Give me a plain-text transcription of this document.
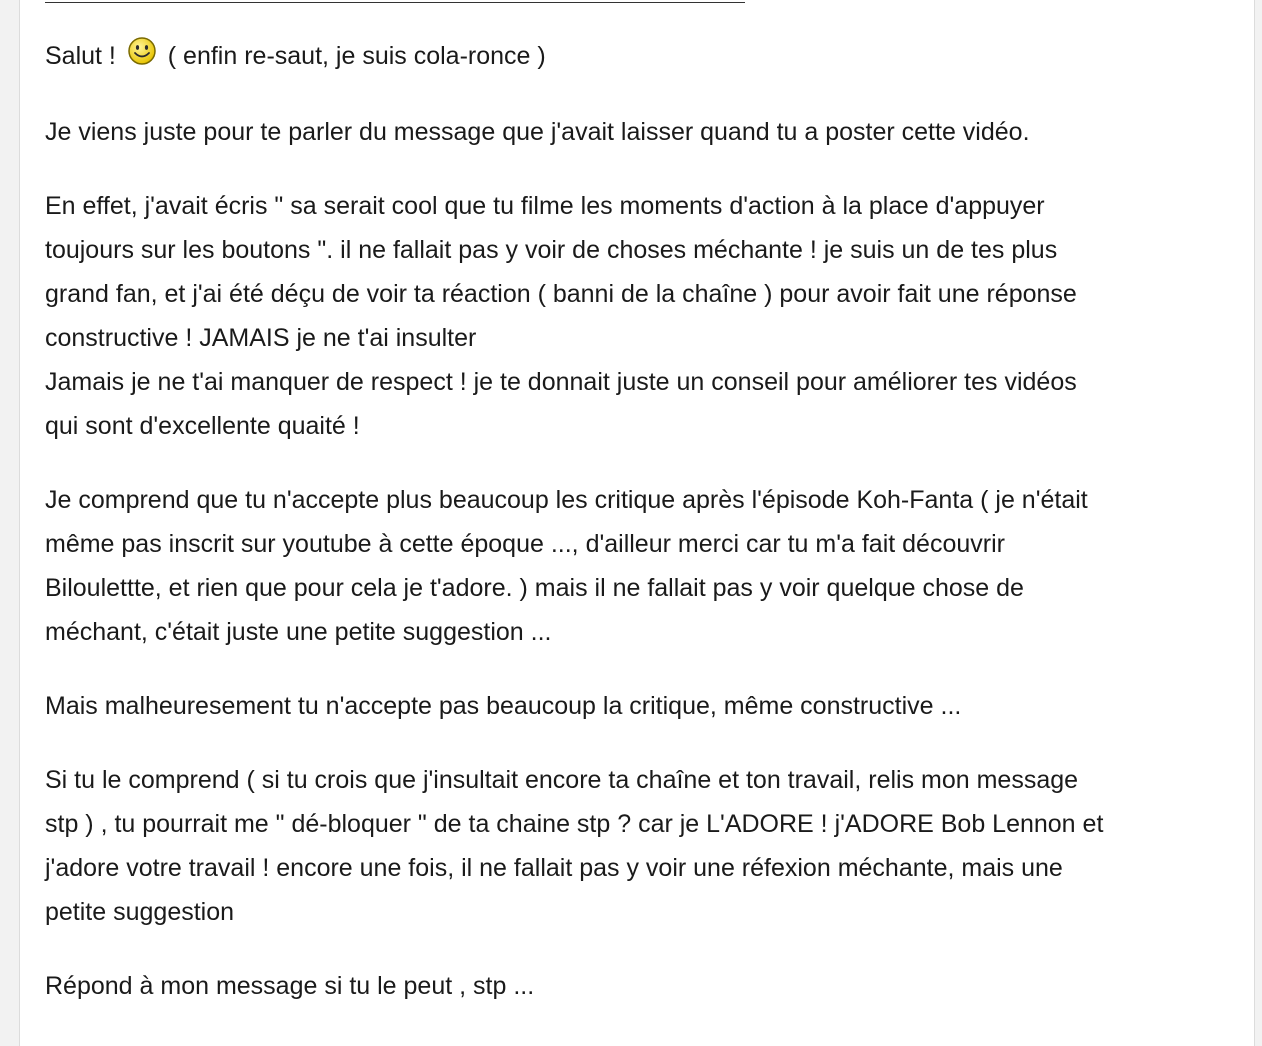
Salut ! ( enfin re-saut, je suis cola-ronce )

Je viens juste pour te parler du message que j'avait laisser quand tu a poster cette vidéo.

En effet, j'avait écris " sa serait cool que tu filme les moments d'action à la place d'appuyer
toujours sur les boutons ". il ne fallait pas y voir de choses méchante ! je suis un de tes plus
grand fan, et j'ai été déçu de voir ta réaction ( banni de la chaîne ) pour avoir fait une réponse
constructive ! JAMAIS je ne t'ai insulter
Jamais je ne t'ai manquer de respect ! je te donnait juste un conseil pour améliorer tes vidéos
qui sont d'excellente quaité !

Je comprend que tu n'accepte plus beaucoup les critique après l'épisode Koh-Fanta ( je n'était
même pas inscrit sur youtube à cette époque ..., d'ailleur merci car tu m'a fait découvrir
Biloulettte, et rien que pour cela je t'adore. ) mais il ne fallait pas y voir quelque chose de
méchant, c'était juste une petite suggestion ...

Mais malheuresement tu n'accepte pas beaucoup la critique, même constructive ...

Si tu le comprend ( si tu crois que j'insultait encore ta chaîne et ton travail, relis mon message
stp ) , tu pourrait me " dé-bloquer " de ta chaine stp ? car je L'ADORE ! j'ADORE Bob Lennon et
j'adore votre travail ! encore une fois, il ne fallait pas y voir une réfexion méchante, mais une
petite suggestion

Répond à mon message si tu le peut , stp ...
